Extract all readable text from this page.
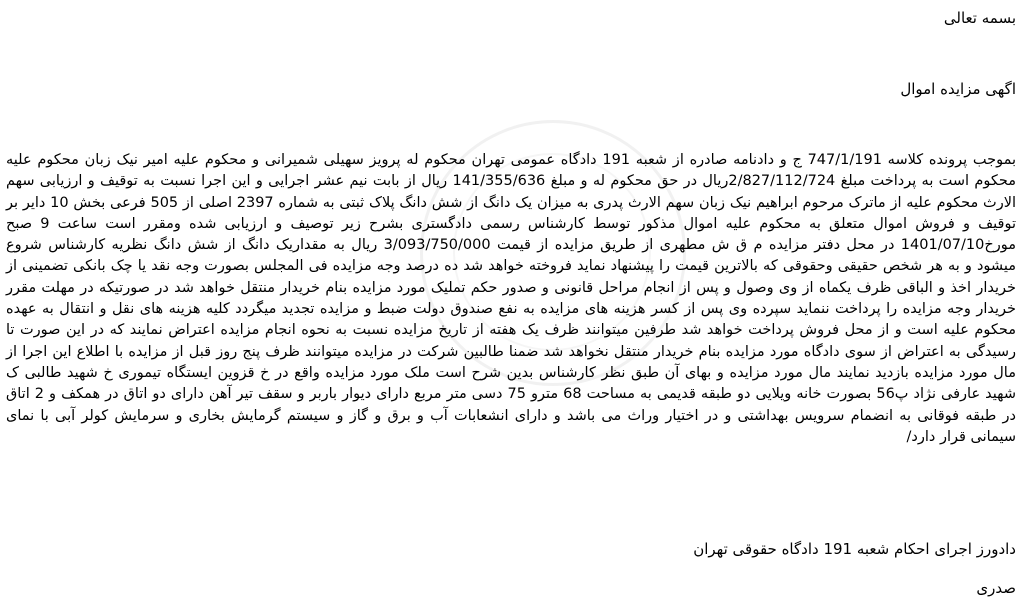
بسمه تعالی
اگهی مزایده اموال
بموجب پرونده کلاسه 747/1/191 ج و دادنامه صادره از شعبه 191 دادگاه عمومی تهران محکوم له پرویز سهیلی شمیرانی و محکوم علیه امیر نیک زبان محکوم علیه محکوم است به پرداخت مبلغ 2/827/112/724ریال در حق محکوم له و مبلغ 141/355/636 ریال از بابت نیم عشر اجرایی و این اجرا نسبت به توقیف و ارزیابی سهم الارث محکوم علیه از ماترک مرحوم ابراهیم نیک زبان سهم الارث پدری به میزان یک دانگ از شش دانگ پلاک ثبتی به شماره 2397 اصلی از 505 فرعی بخش 10 دایر بر توقیف و فروش اموال متعلق به محکوم علیه اموال مذکور توسط کارشناس رسمی دادگستری بشرح زیر توصیف و ارزیابی شده ومقرر است ساعت 9 صبح مورخ1401/07/10 در محل دفتر مزایده م ق ش مطهری از طریق مزایده از قیمت 3/093/750/000 ریال به مقداریک دانگ از شش دانگ نظریه کارشناس شروع میشود و به هر شخص حقیقی وحقوقی که بالاترین قیمت را پیشنهاد نماید فروخته خواهد شد ده درصد وجه مزایده فی المجلس بصورت وجه نقد یا چک بانکی تضمینی از خریدار اخذ و الباقی ظرف یکماه از وی وصول و پس از انجام مراحل قانونی و صدور حکم تملیک مورد مزایده بنام خریدار منتقل خواهد شد در صورتیکه در مهلت مقرر خریدار وجه مزایده را پرداخت ننماید سپرده وی پس از کسر هزینه های مزایده به نفع صندوق دولت ضبط و مزایده تجدید میگردد کلیه هزینه های نقل و انتقال به عهده محکوم علیه است و از محل فروش پرداخت خواهد شد طرفین میتوانند ظرف یک هفته از تاریخ مزایده نسبت به نحوه انجام مزایده اعتراض نمایند که در این صورت تا رسیدگی به اعتراض از سوی دادگاه مورد مزایده بنام خریدار منتقل نخواهد شد ضمنا طالبین شرکت در مزایده میتوانند ظرف پنج روز قبل از مزایده با اطلاع این اجرا از مال مورد مزایده بازدید نمایند مال مورد مزایده و بهای آن طبق نظر کارشناس بدین شرح است ملک مورد مزایده واقع در خ قزوین ایستگاه تیموری خ شهید طالبی ک شهید عارفی نژاد پ56 بصورت خانه ویلایی دو طبقه قدیمی به مساحت 68 مترو 75 دسی متر مربع دارای دیوار باربر و سقف تیر آهن دارای دو اتاق در همکف و 2 اتاق در طبقه فوقانی به انضمام سرویس بهداشتی و در اختیار وراث می باشد و دارای انشعابات آب و برق و گاز و سیستم گرمایش بخاری و سرمایش کولر آبی با نمای سیمانی قرار دارد/
دادورز اجرای احکام شعبه 191 دادگاه حقوقی تهران
صدری
